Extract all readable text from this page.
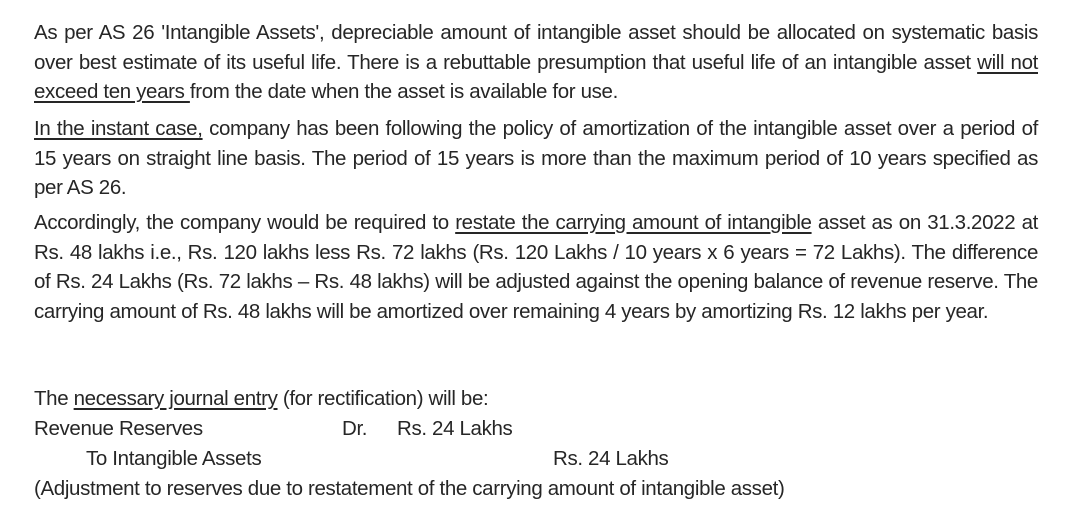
As per AS 26 'Intangible Assets', depreciable amount of intangible asset should be allocated on systematic basis over best estimate of its useful life. There is a rebuttable presumption that useful life of an intangible asset will not exceed ten years from the date when the asset is available for use.

In the instant case, company has been following the policy of amortization of the intangible asset over a period of 15 years on straight line basis. The period of 15 years is more than the maximum period of 10 years specified as per AS 26.

Accordingly, the company would be required to restate the carrying amount of intangible asset as on 31.3.2022 at Rs. 48 lakhs i.e., Rs. 120 lakhs less Rs. 72 lakhs (Rs. 120 Lakhs / 10 years x 6 years = 72 Lakhs). The difference of Rs. 24 Lakhs (Rs. 72 lakhs – Rs. 48 lakhs) will be adjusted against the opening balance of revenue reserve. The carrying amount of Rs. 48 lakhs will be amortized over remaining 4 years by amortizing Rs. 12 lakhs per year.

The necessary journal entry (for rectification) will be:

Revenue Reserves	Dr. Rs. 24 Lakhs
To Intangible Assets	Rs. 24 Lakhs
(Adjustment to reserves due to restatement of the carrying amount of intangible asset)
